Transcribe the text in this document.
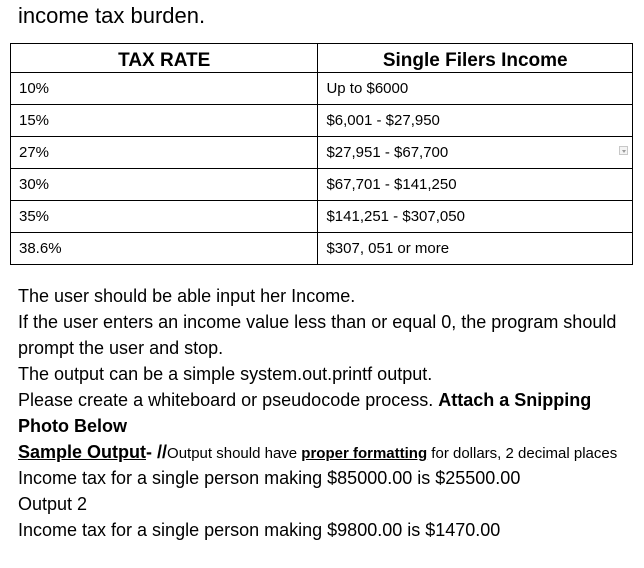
income tax burden.
TAX RATE	Single Filers Income
10%	Up to $6000
15%	$6,001 - $27,950
27%	$27,951 - $67,700

30%	$67,701 - $141,250
35%	$141,251 - $307,050
38.6%	$307, 051 or more

The user should be able input her Income.

If the user enters an income value less than or equal 0, the program should prompt the user and stop.

The output can be a simple system.out.printf output.

Please create a whiteboard or pseudocode process. Attach a Snipping Photo Below

Sample Output- //Output should have proper formatting for dollars, 2 decimal places

Income tax for a single person making $85000.00 is $25500.00

Output 2

Income tax for a single person making $9800.00 is $1470.00
